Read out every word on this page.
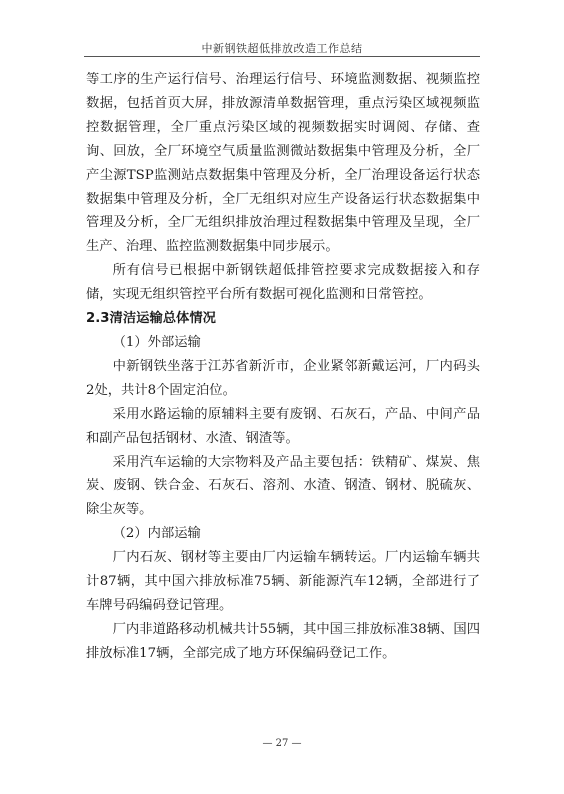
中新钢铁超低排放改造工作总结

等工序的生产运行信号、治理运行信号、环境监测数据、视频监控数据，包括首页大屏，排放源清单数据管理，重点污染区域视频监控数据管理，全厂重点污染区域的视频数据实时调阅、存储、查询、回放，全厂环境空气质量监测微站数据集中管理及分析，全厂产尘源TSP监测站点数据集中管理及分析，全厂治理设备运行状态数据集中管理及分析，全厂无组织对应生产设备运行状态数据集中管理及分析，全厂无组织排放治理过程数据集中管理及呈现，全厂生产、治理、监控监测数据集中同步展示。

所有信号已根据中新钢铁超低排管控要求完成数据接入和存储，实现无组织管控平台所有数据可视化监测和日常管控。

2.3清洁运输总体情况

（1）外部运输

中新钢铁坐落于江苏省新沂市，企业紧邻新戴运河，厂内码头2处，共计8个固定泊位。

采用水路运输的原辅料主要有废钢、石灰石，产品、中间产品和副产品包括钢材、水渣、钢渣等。

采用汽车运输的大宗物料及产品主要包括：铁精矿、煤炭、焦炭、废钢、铁合金、石灰石、溶剂、水渣、钢渣、钢材、脱硫灰、除尘灰等。

（2）内部运输

厂内石灰、钢材等主要由厂内运输车辆转运。厂内运输车辆共计87辆，其中国六排放标准75辆、新能源汽车12辆，全部进行了车牌号码编码登记管理。

厂内非道路移动机械共计55辆，其中国三排放标准38辆、国四排放标准17辆，全部完成了地方环保编码登记工作。

— 27 —
